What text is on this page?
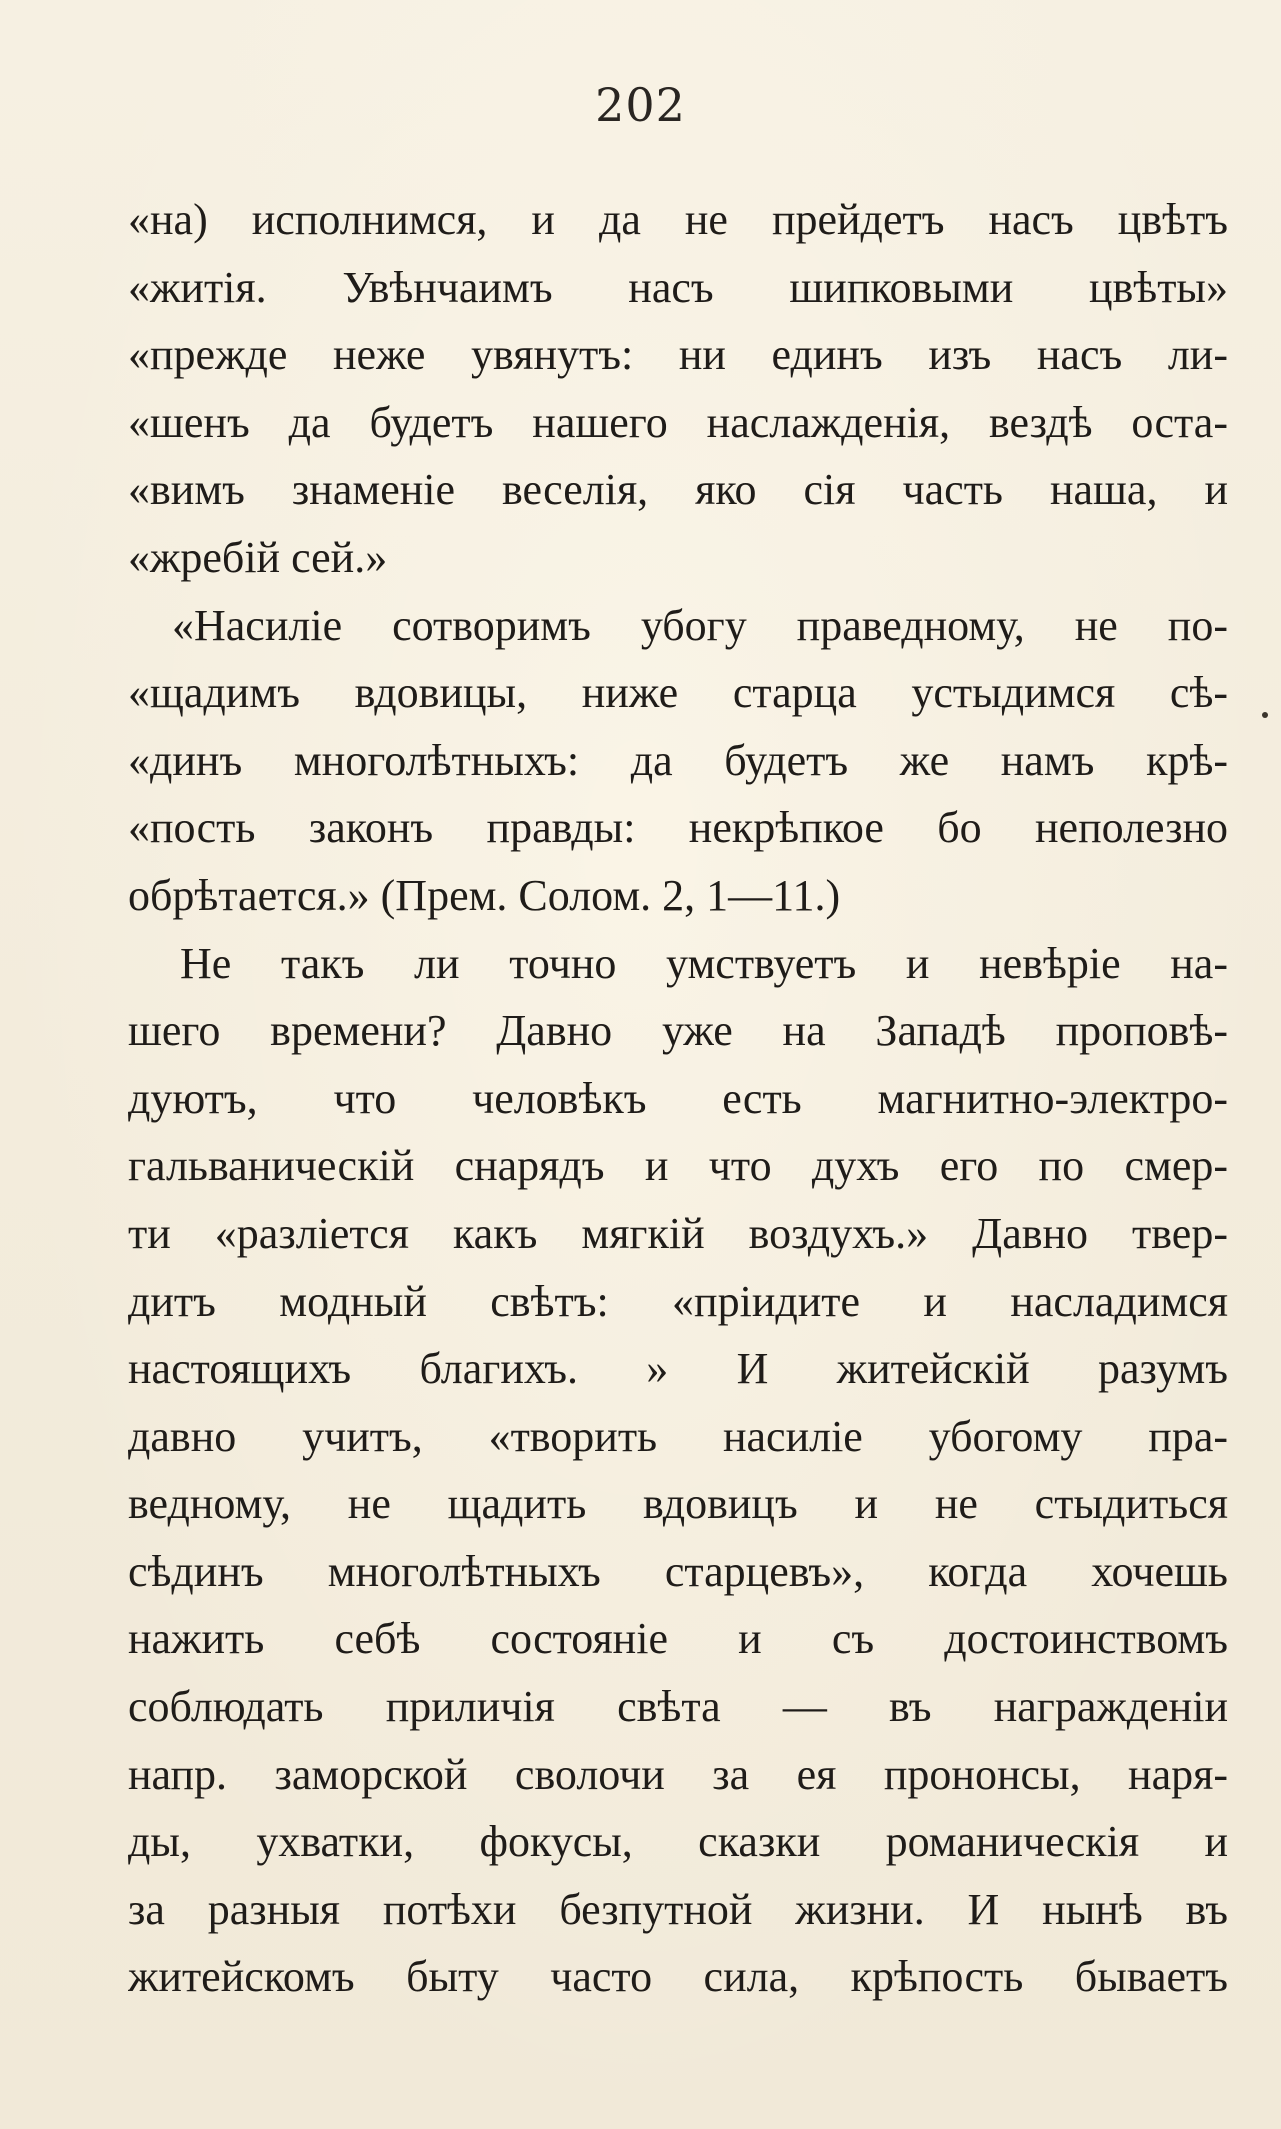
202
«на) исполнимся, и да не прейдетъ насъ цвѣтъ
«житія. Увѣнчаимъ насъ шипковыми цвѣты»
«прежде неже увянутъ: ни единъ изъ насъ ли-
«шенъ да будетъ нашего наслажденія, вездѣ оста-
«вимъ знаменіе веселія, яко сія часть наша, и
«жребій сей.»
«Насиліе сотворимъ убогу праведному, не по-
«щадимъ вдовицы, ниже старца устыдимся сѣ-
«динъ многолѣтныхъ: да будетъ же намъ крѣ-
«пость законъ правды: некрѣпкое бо неполезно
обрѣтается.» (Прем. Солом. 2, 1—11.)
Не такъ ли точно умствуетъ и невѣріе на-
шего времени? Давно уже на Западѣ проповѣ-
дуютъ, что человѣкъ есть магнитно-электро-
гальваническій снарядъ и что духъ его по смер-
ти «разліется какъ мягкій воздухъ.» Давно твер-
дитъ модный свѣтъ: «пріидите и насладимся
настоящихъ благихъ. » И житейскій разумъ
давно учитъ, «творить насиліе убогому пра-
ведному, не щадить вдовицъ и не стыдиться
сѣдинъ многолѣтныхъ старцевъ», когда хочешь
нажить себѣ состояніе и съ достоинствомъ
соблюдать приличія свѣта — въ награжденіи
напр. заморской сволочи за ея прононсы, наря-
ды, ухватки, фокусы, сказки романическія и
за разныя потѣхи безпутной жизни. И нынѣ въ
житейскомъ быту часто сила, крѣпость бываетъ
